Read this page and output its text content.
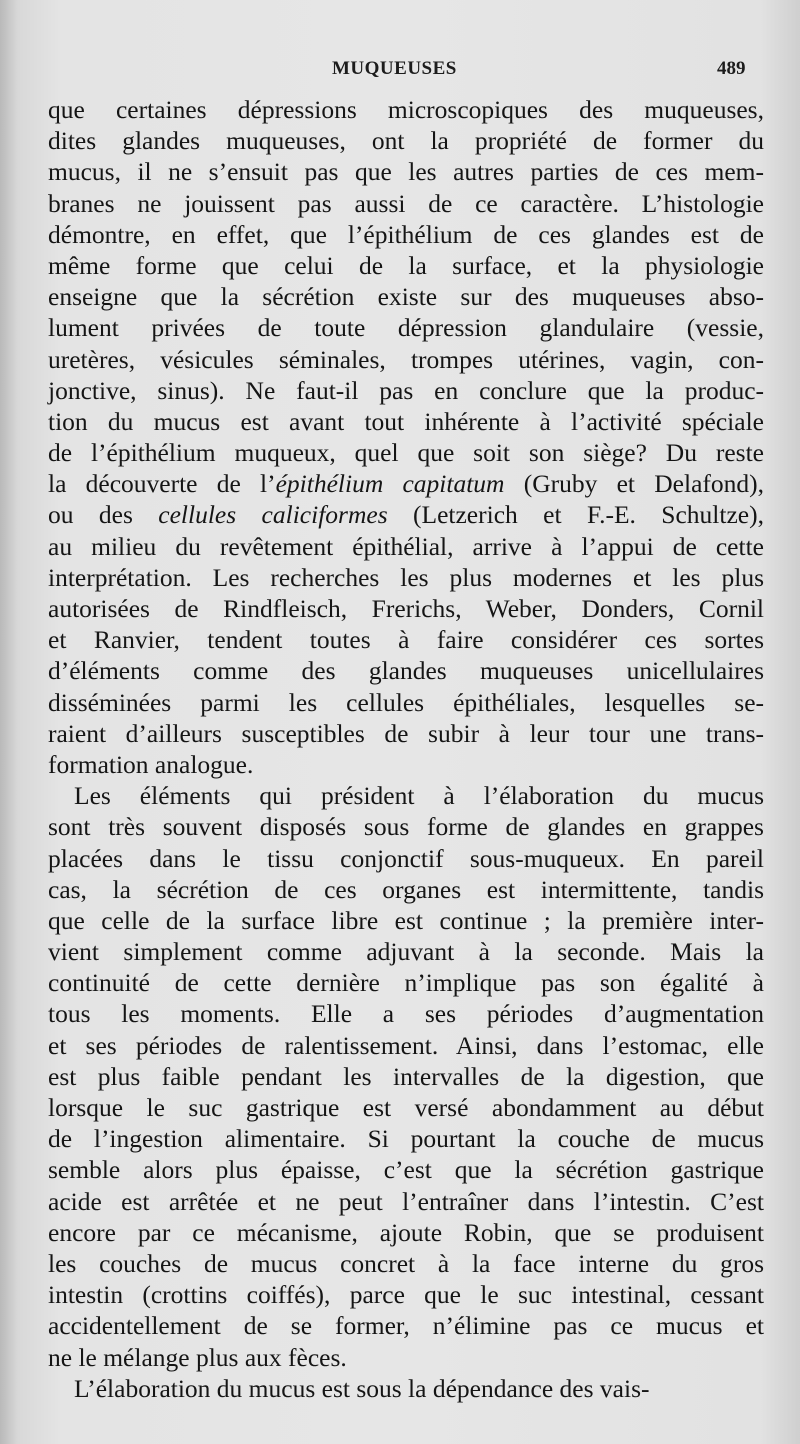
MUQUEUSES	489
que certaines dépressions microscopiques des muqueuses,
dites glandes muqueuses, ont la propriété de former du
mucus, il ne s’ensuit pas que les autres parties de ces mem-
branes ne jouissent pas aussi de ce caractère. L’histologie
démontre, en effet, que l’épithélium de ces glandes est de
même forme que celui de la surface, et la physiologie
enseigne que la sécrétion existe sur des muqueuses abso-
lument privées de toute dépression glandulaire (vessie,
uretères, vésicules séminales, trompes utérines, vagin, con-
jonctive, sinus). Ne faut-il pas en conclure que la produc-
tion du mucus est avant tout inhérente à l’activité spéciale
de l’épithélium muqueux, quel que soit son siège? Du reste
la découverte de l’épithélium capitatum (Gruby et Delafond),
ou des cellules caliciformes (Letzerich et F.-E. Schultze),
au milieu du revêtement épithélial, arrive à l’appui de cette
interprétation. Les recherches les plus modernes et les plus
autorisées de Rindfleisch, Frerichs, Weber, Donders, Cornil
et Ranvier, tendent toutes à faire considérer ces sortes
d’éléments comme des glandes muqueuses unicellulaires
disséminées parmi les cellules épithéliales, lesquelles se-
raient d’ailleurs susceptibles de subir à leur tour une trans-
formation analogue.
Les éléments qui président à l’élaboration du mucus
sont très souvent disposés sous forme de glandes en grappes
placées dans le tissu conjonctif sous-muqueux. En pareil
cas, la sécrétion de ces organes est intermittente, tandis
que celle de la surface libre est continue ; la première inter-
vient simplement comme adjuvant à la seconde. Mais la
continuité de cette dernière n’implique pas son égalité à
tous les moments. Elle a ses périodes d’augmentation
et ses périodes de ralentissement. Ainsi, dans l’estomac, elle
est plus faible pendant les intervalles de la digestion, que
lorsque le suc gastrique est versé abondamment au début
de l’ingestion alimentaire. Si pourtant la couche de mucus
semble alors plus épaisse, c’est que la sécrétion gastrique
acide est arrêtée et ne peut l’entraîner dans l’intestin. C’est
encore par ce mécanisme, ajoute Robin, que se produisent
les couches de mucus concret à la face interne du gros
intestin (crottins coiffés), parce que le suc intestinal, cessant
accidentellement de se former, n’élimine pas ce mucus et
ne le mélange plus aux fèces.
L’élaboration du mucus est sous la dépendance des vais-
